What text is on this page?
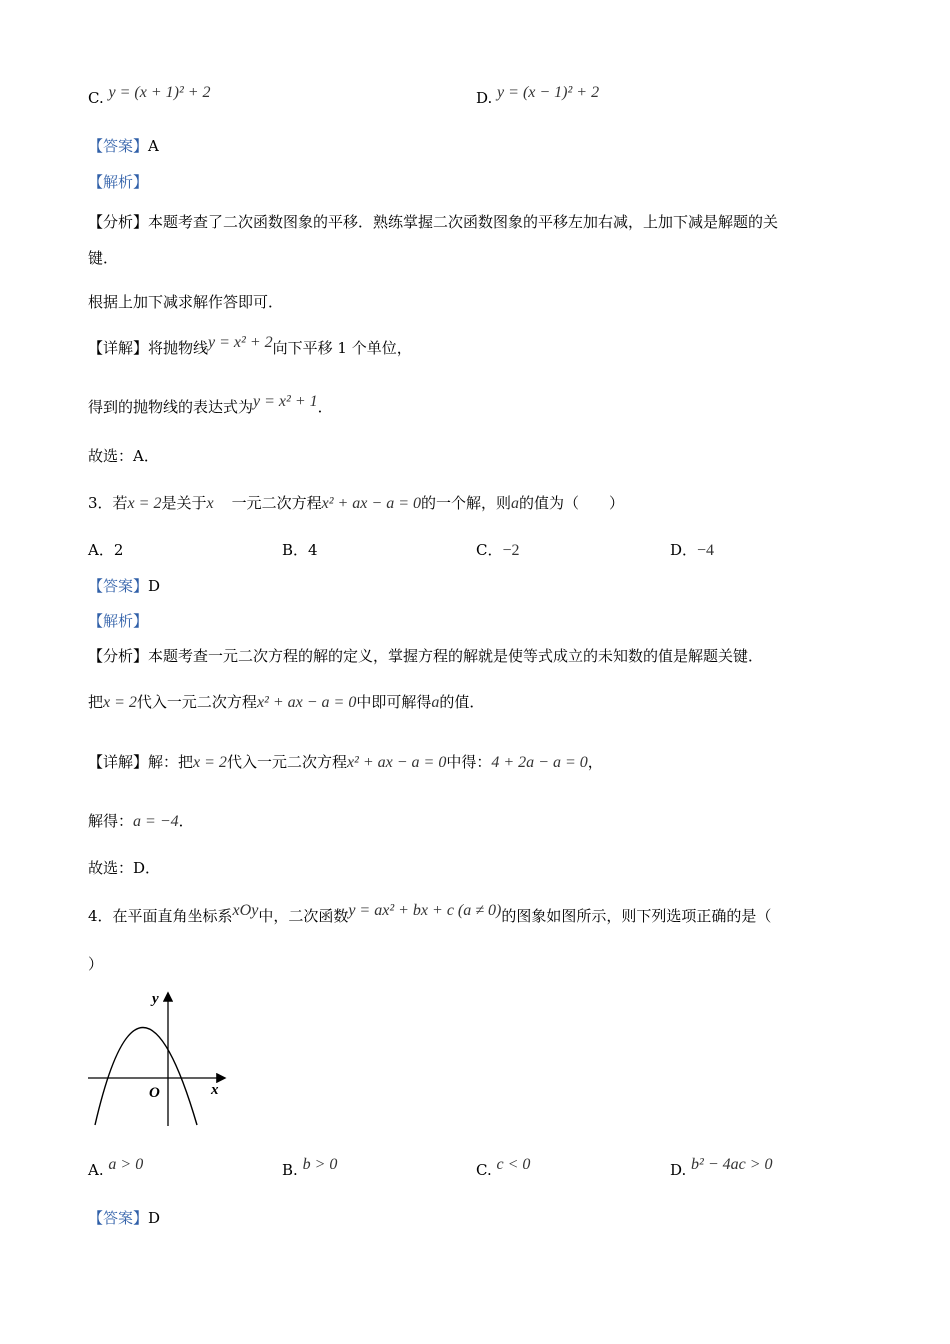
C. y = (x + 1)² + 2	D. y = (x − 1)² + 2
【答案】A
【解析】
【分析】本题考查了二次函数图象的平移．熟练掌握二次函数图象的平移左加右减，上加下减是解题的关
键．
根据上加下减求解作答即可．
【详解】将抛物线y = x² + 2向下平移 1 个单位，
得到的抛物线的表达式为y = x² + 1．
故选：A．
3．若x = 2是关于x 一元二次方程x² + ax − a = 0的一个解，则a的值为（　　）
A．2	B．4	C．−2	D．−4
【答案】D
【解析】
【分析】本题考查一元二次方程的解的定义，掌握方程的解就是使等式成立的未知数的值是解题关键．
把x = 2代入一元二次方程x² + ax − a = 0中即可解得a的值．
【详解】解：把x = 2代入一元二次方程x² + ax − a = 0中得：4 + 2a − a = 0，
解得：a = −4．
故选：D．
4．在平面直角坐标系xOy中，二次函数y = ax² + bx + c (a ≠ 0)的图象如图所示，则下列选项正确的是（
）
y
x
O
A. a > 0	B. b > 0	C. c < 0	D. b² − 4ac > 0
【答案】D
